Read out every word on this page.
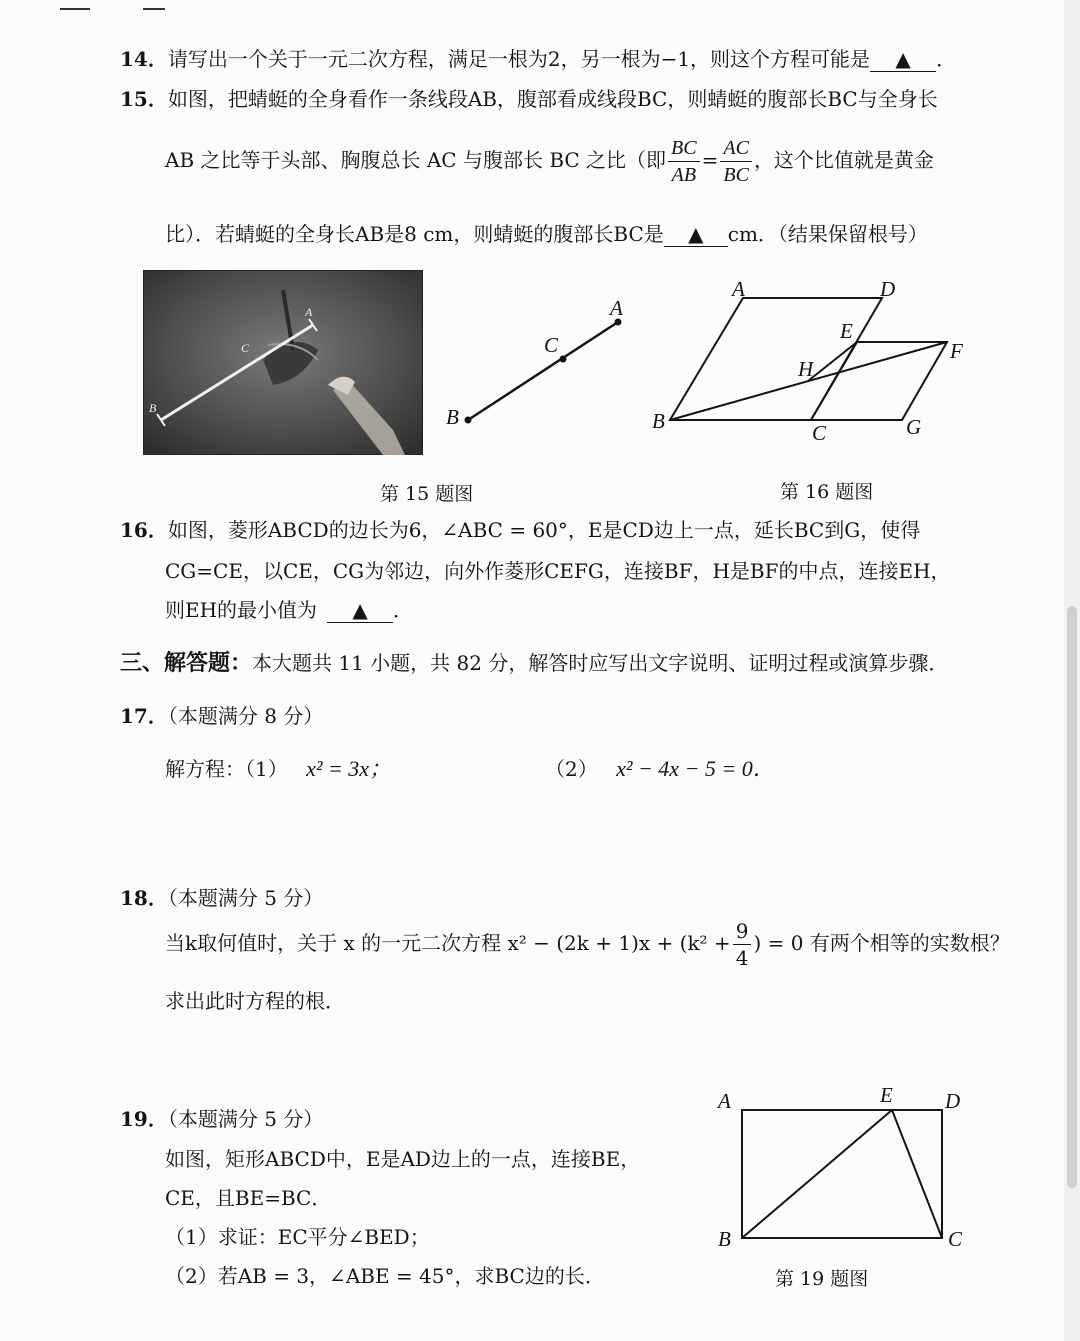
14．请写出一个关于一元二次方程，满足一根为2，另一根为−1，则这个方程可能是 ▲ ．
15．如图，把蜻蜓的全身看作一条线段AB，腹部看成线段BC，则蜻蜓的腹部长BC与全身长
AB 之比等于头部、胸腹总长 AC 与腹部长 BC 之比（即 $\frac{BC}{AB} = \frac{AC}{BC}$ ，这个比值就是黄金
比）．若蜻蜓的全身长AB是8 cm，则蜻蜓的腹部长BC是 ▲ cm．（结果保留根号）
B
C
A
B
C
A
A	D
E
F
H
B	C	G
第 15 题图	第 16 题图
16．如图，菱形ABCD的边长为6，∠ABC = 60°，E是CD边上一点，延长BC到G，使得
CG=CE，以CE，CG为邻边，向外作菱形CEFG，连接BF，H是BF的中点，连接EH，
则EH的最小值为 ▲ ．
三、解答题：本大题共 11 小题，共 82 分，解答时应写出文字说明、证明过程或演算步骤．
17．（本题满分 8 分）
解方程：（1） x² = 3x；	（2） x² − 4x − 5 = 0．
18．（本题满分 5 分）
当k取何值时，关于 x 的一元二次方程 $x^2 - (2k + 1)x + (k^2 + \frac{9}{4}$ ) = 0 有两个相等的实数根？
求出此时方程的根．
19．（本题满分 5 分）
如图，矩形ABCD中，E是AD边上的一点，连接BE，
CE，且BE=BC．
（1）求证：EC平分∠BED；
（2）若AB = 3，∠ABE = 45°，求BC边的长．
A	E D
B	C
第 19 题图
